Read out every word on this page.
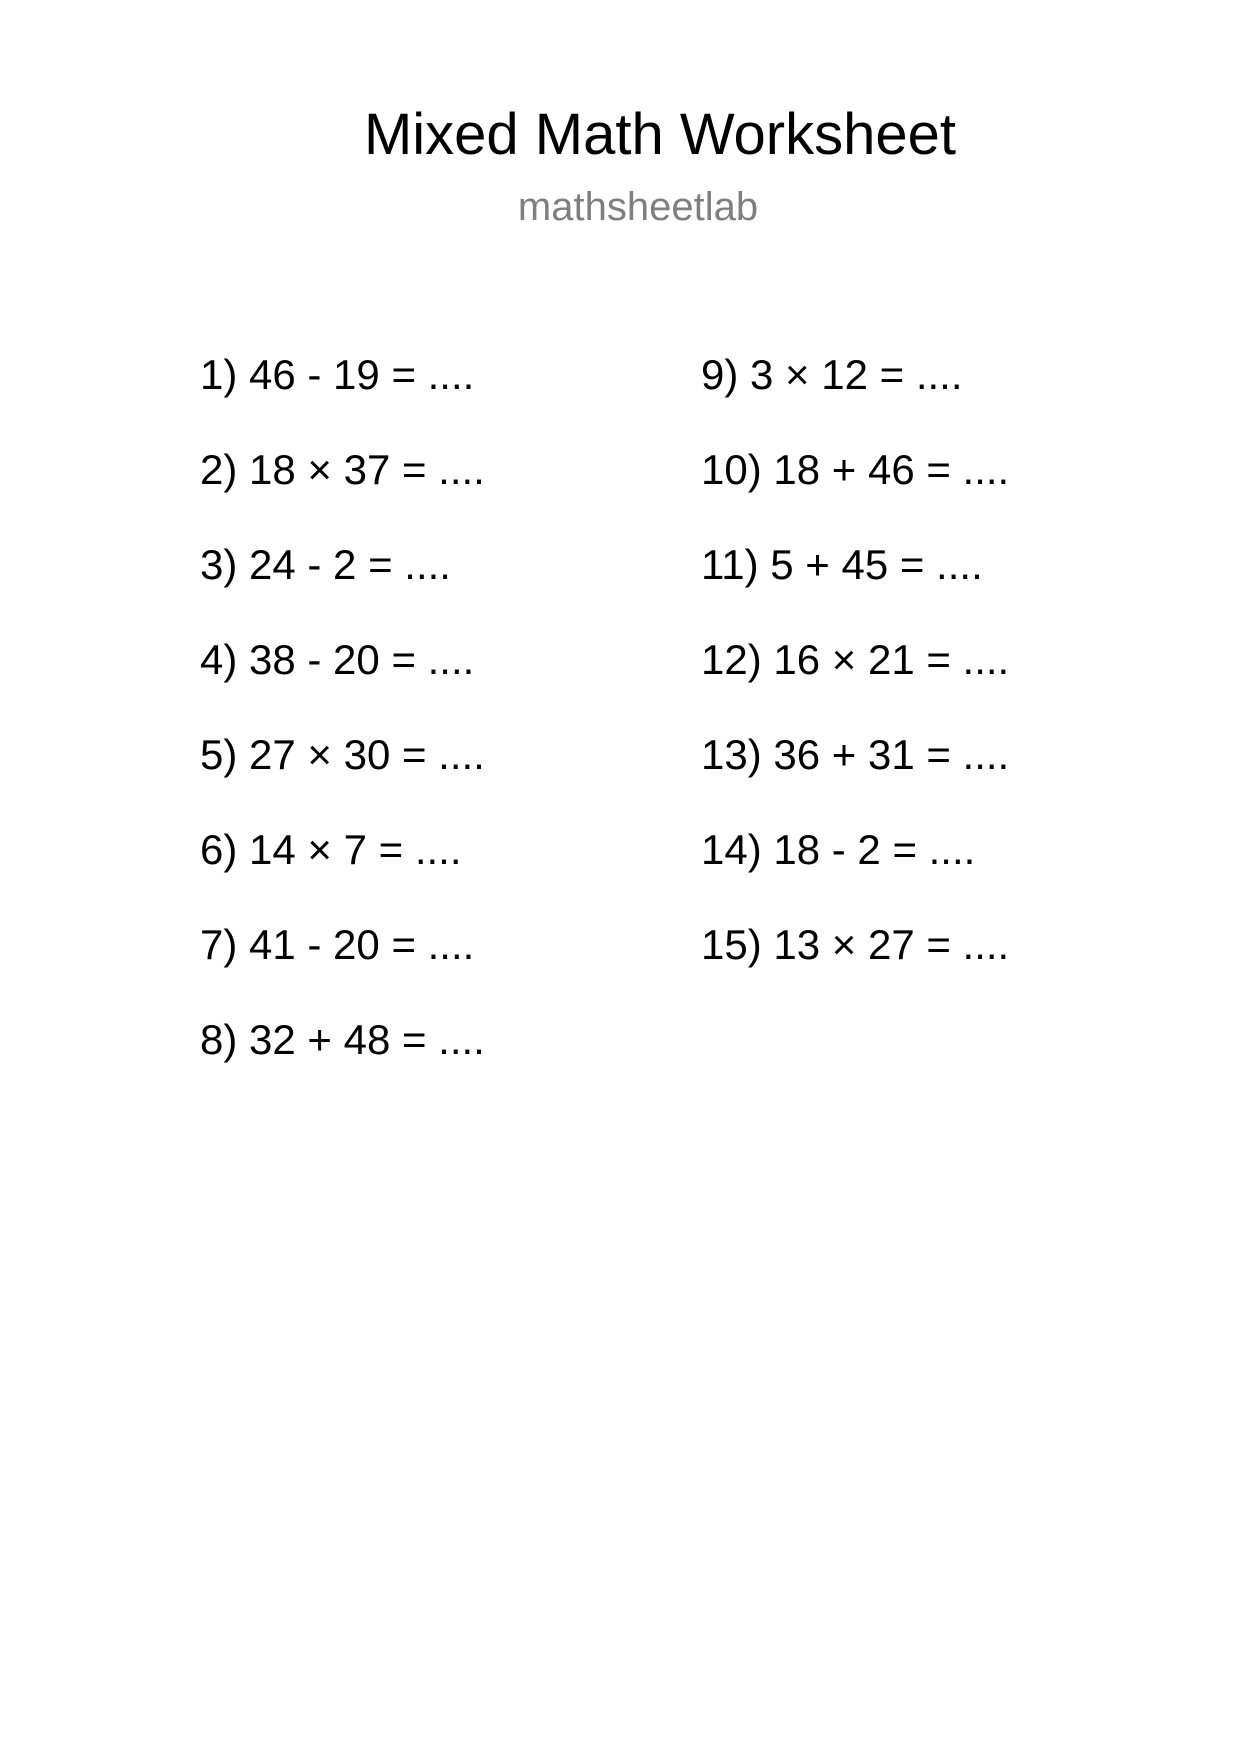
Mixed Math Worksheet
mathsheetlab
1) 46 - 19 = ....
2) 18 × 37 = ....
3) 24 - 2 = ....
4) 38 - 20 = ....
5) 27 × 30 = ....
6) 14 × 7 = ....
7) 41 - 20 = ....
8) 32 + 48 = ....
9) 3 × 12 = ....
10) 18 + 46 = ....
11) 5 + 45 = ....
12) 16 × 21 = ....
13) 36 + 31 = ....
14) 18 - 2 = ....
15) 13 × 27 = ....
